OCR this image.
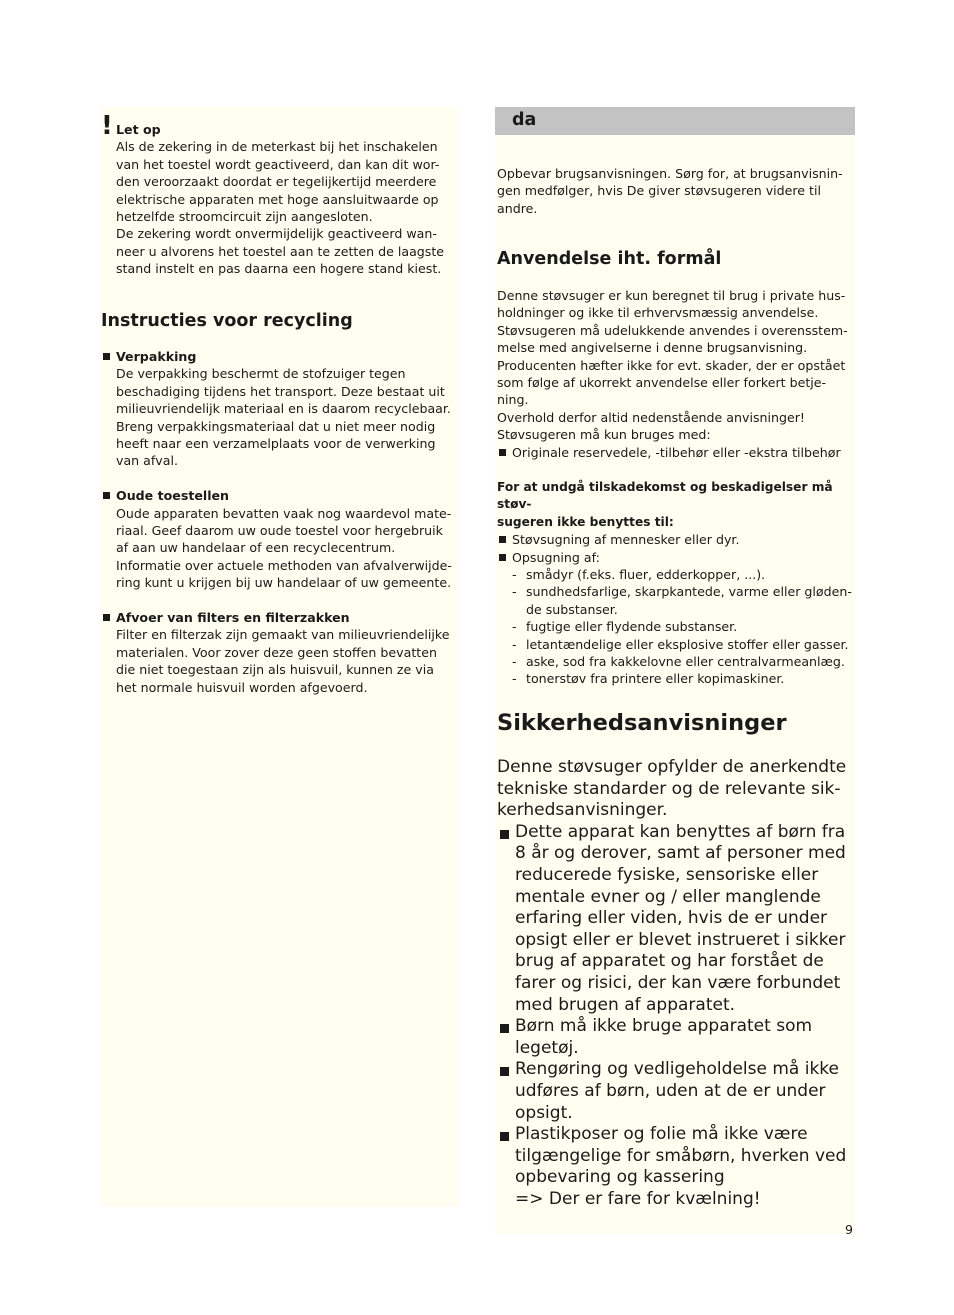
! Let op

Als de zekering in de meterkast bij het inschakelen
van het toestel wordt geactiveerd, dan kan dit wor-
den veroorzaakt doordat er tegelijkertijd meerdere
elektrische apparaten met hoge aansluitwaarde op
hetzelfde stroomcircuit zijn aangesloten.
De zekering wordt onvermijdelijk geactiveerd wan-
neer u alvorens het toestel aan te zetten de laagste
stand instelt en pas daarna een hogere stand kiest.
Instructies voor recycling
Verpakking
De verpakking beschermt de stofzuiger tegen
beschadiging tijdens het transport. Deze bestaat uit
milieuvriendelijk materiaal en is daarom recyclebaar.
Breng verpakkingsmateriaal dat u niet meer nodig
heeft naar een verzamelplaats voor de verwerking
van afval.
Oude toestellen
Oude apparaten bevatten vaak nog waardevol mate-
riaal. Geef daarom uw oude toestel voor hergebruik
af aan uw handelaar of een recyclecentrum.
Informatie over actuele methoden van afvalverwijde-
ring kunt u krijgen bij uw handelaar of uw gemeente.
Afvoer van filters en filterzakken
Filter en filterzak zijn gemaakt van milieuvriendelijke
materialen. Voor zover deze geen stoffen bevatten
die niet toegestaan zijn als huisvuil, kunnen ze via
het normale huisvuil worden afgevoerd.
da
Opbevar brugsanvisningen. Sørg for, at brugsanvisnin-
gen medfølger, hvis De giver støvsugeren videre til
andre.
Anvendelse iht. formål
Denne støvsuger er kun beregnet til brug i private hus-
holdninger og ikke til erhvervsmæssig anvendelse.
Støvsugeren må udelukkende anvendes i overensstem-
melse med angivelserne i denne brugsanvisning.
Producenten hæfter ikke for evt. skader, der er opstået
som følge af ukorrekt anvendelse eller forkert betje-
ning.
Overhold derfor altid nedenstående anvisninger!
Støvsugeren må kun bruges med:
Originale reservedele, -tilbehør eller -ekstra tilbehør
For at undgå tilskadekomst og beskadigelser må støv-
sugeren ikke benyttes til:
Støvsugning af mennesker eller dyr.
Opsugning af:
- smådyr (f.eks. fluer, edderkopper, ...).
- sundhedsfarlige, skarpkantede, varme eller gløden-
de substanser.
- fugtige eller flydende substanser.
- letantændelige eller eksplosive stoffer eller gasser.
- aske, sod fra kakkelovne eller centralvarmeanlæg.
- tonerstøv fra printere eller kopimaskiner.
Sikkerhedsanvisninger
Denne støvsuger opfylder de anerkendte
tekniske standarder og de relevante sik-
kerhedsanvisninger.
Dette apparat kan benyttes af børn fra
8 år og derover, samt af personer med
reducerede fysiske, sensoriske eller
mentale evner og / eller manglende
erfaring eller viden, hvis de er under
opsigt eller er blevet instrueret i sikker
brug af apparatet og har forstået de
farer og risici, der kan være forbundet
med brugen af apparatet.
Børn må ikke bruge apparatet som
legetøj.
Rengøring og vedligeholdelse må ikke
udføres af børn, uden at de er under
opsigt.
Plastikposer og folie må ikke være
tilgængelige for småbørn, hverken ved
opbevaring og kassering
=> Der er fare for kvælning!
9
